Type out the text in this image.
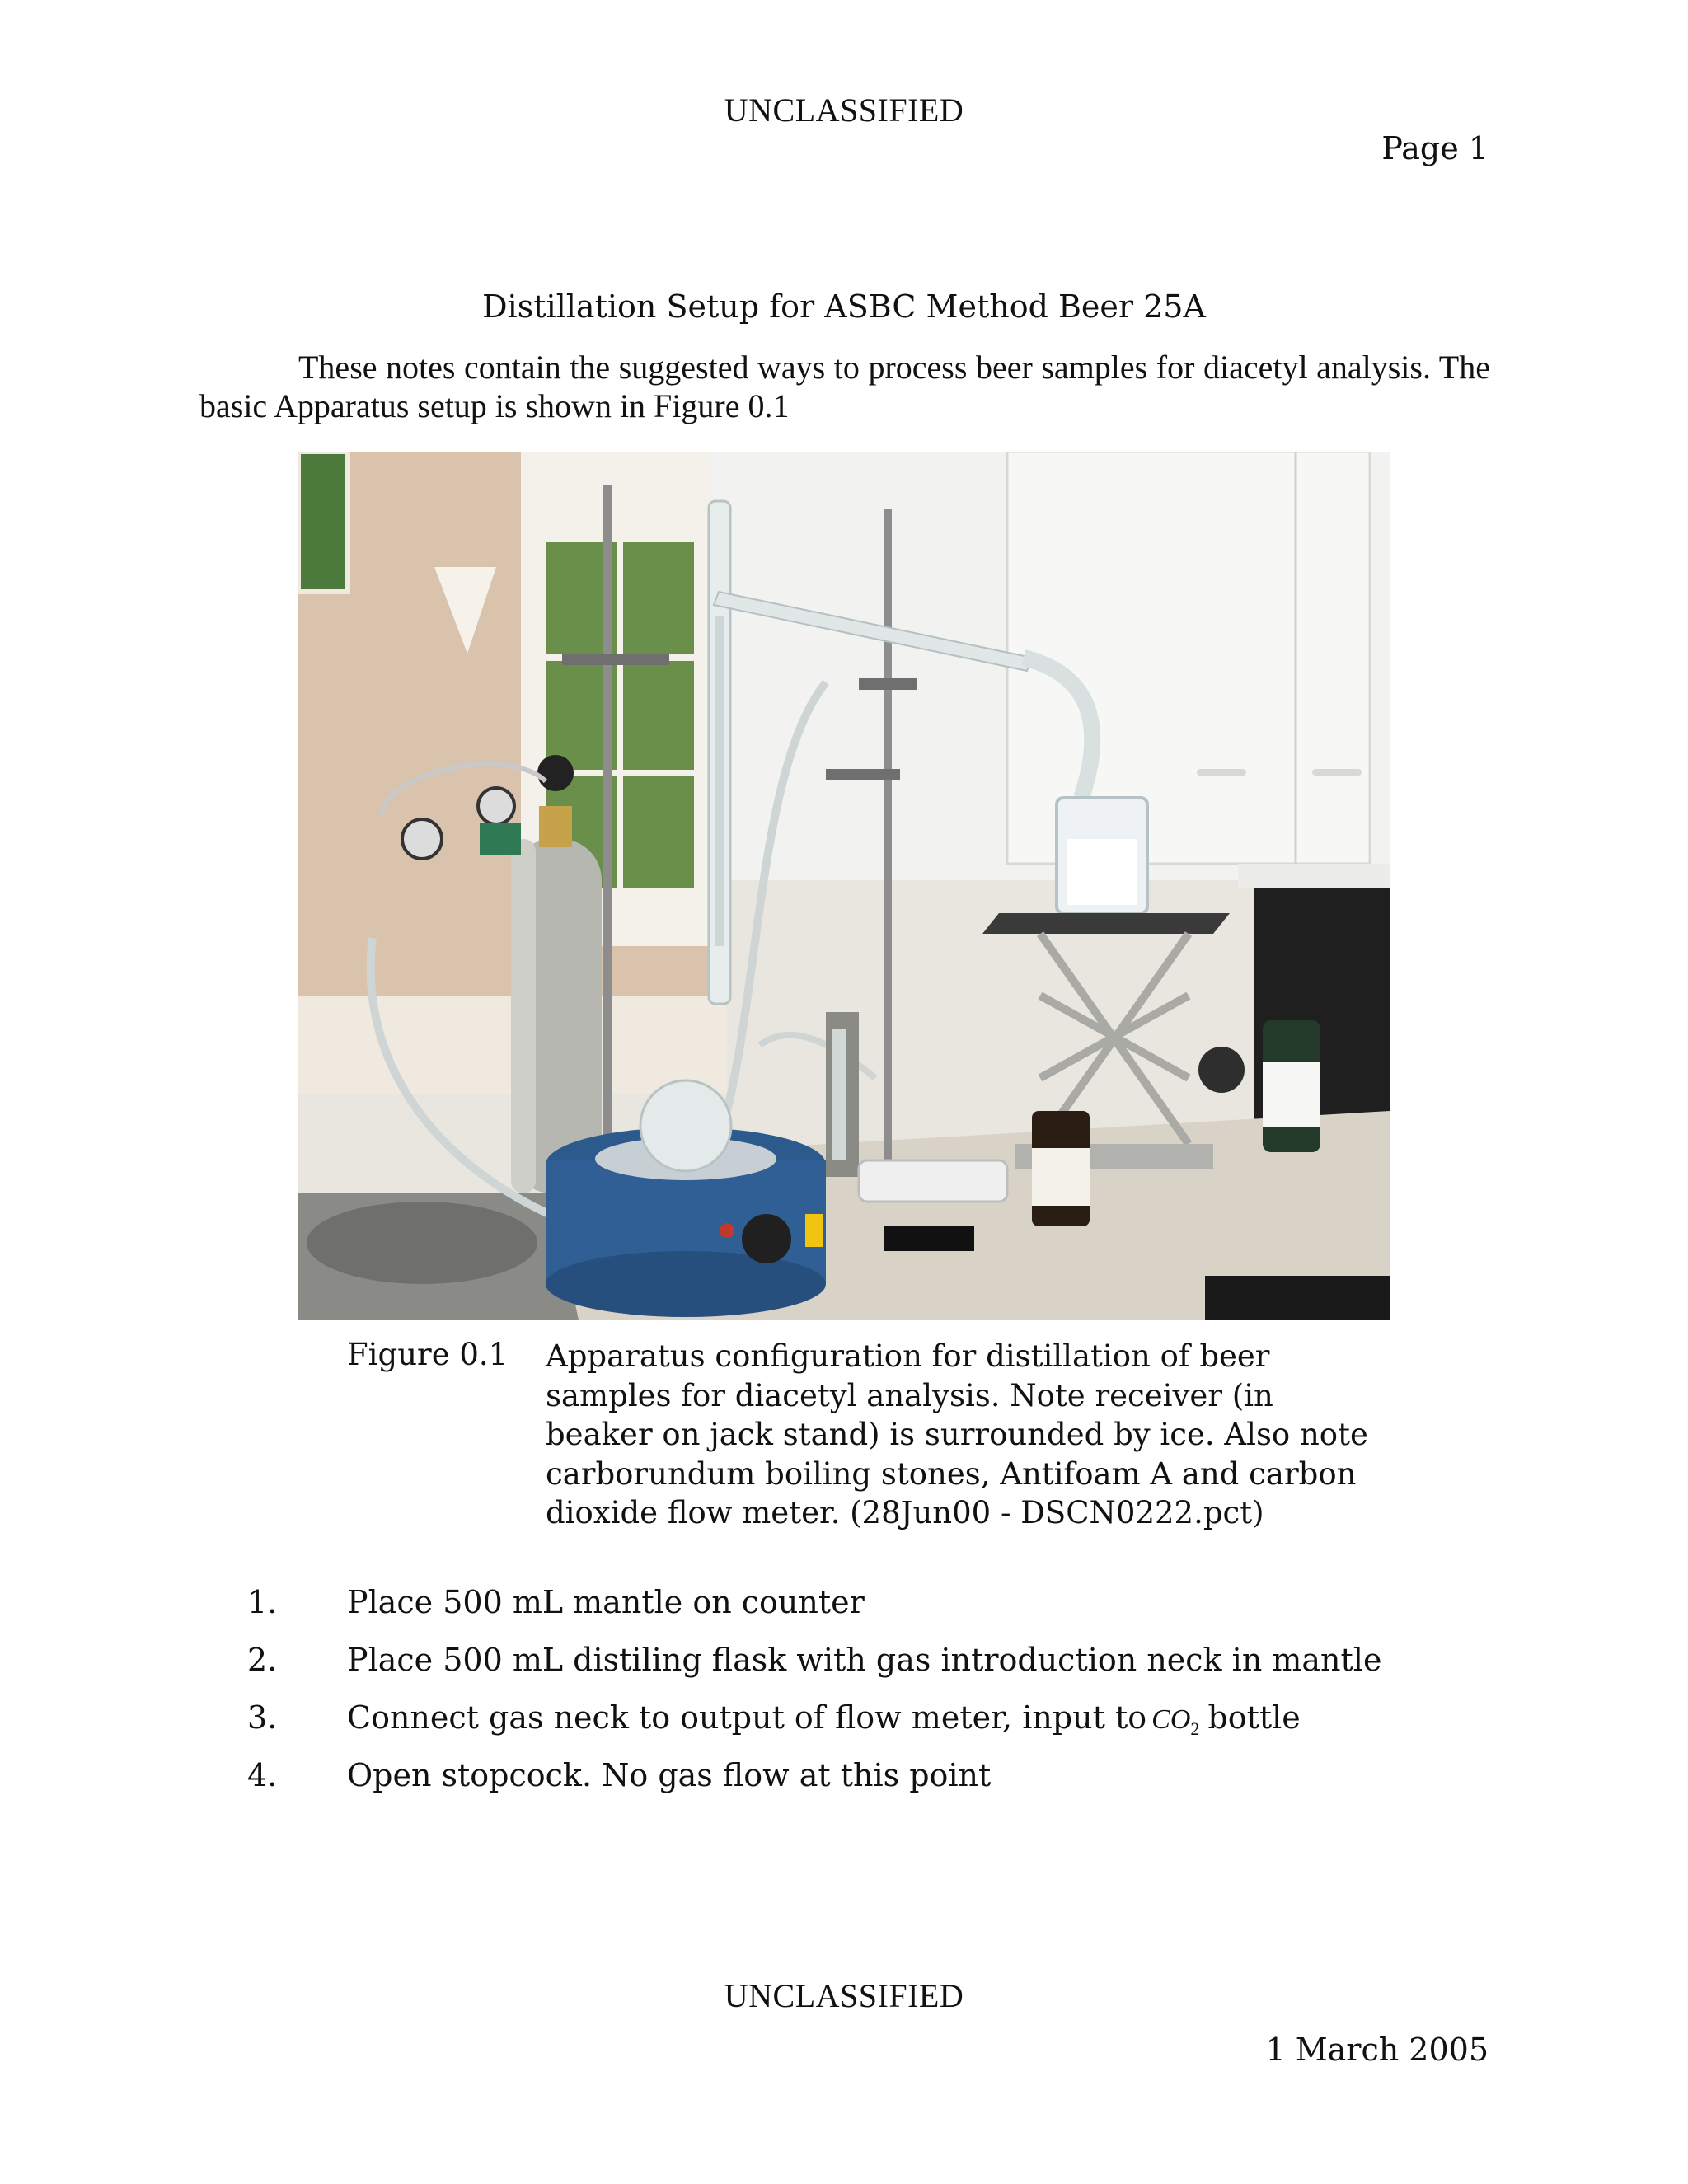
UNCLASSIFIED
Page 1
Distillation Setup for ASBC Method Beer 25A
These notes contain the suggested ways to process beer samples for diacetyl analysis. The basic Apparatus setup is shown in Figure 0.1
Figure 0.1 Apparatus configuration for distillation of beer samples for diacetyl analysis. Note receiver (in beaker on jack stand) is surrounded by ice. Also note carborundum boiling stones, Antifoam A and carbon dioxide flow meter. (28Jun00 - DSCN0222.pct)
1.	Place 500 mL mantle on counter
2.	Place 500 mL distiling flask with gas introduction neck in mantle
3.	Connect gas neck to output of flow meter, input to $CO_2$ bottle
4.	Open stopcock. No gas flow at this point
UNCLASSIFIED
1 March 2005
